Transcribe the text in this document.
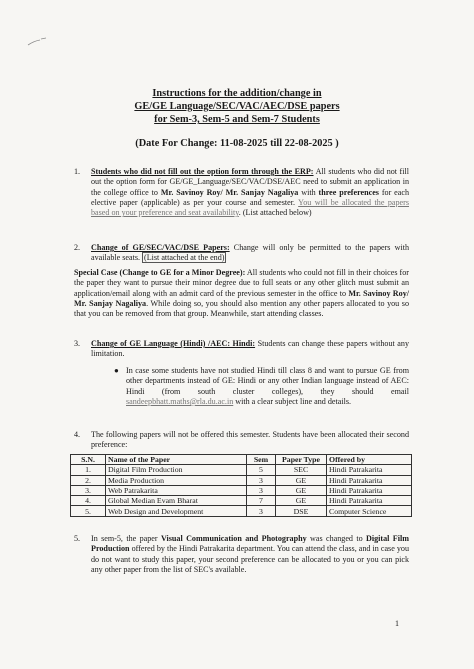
Instructions for the addition/change in
GE/GE Language/SEC/VAC/AEC/DSE papers
for Sem-3, Sem-5 and Sem-7 Students
(Date For Change: 11-08-2025 till 22-08-2025 )
1. Students who did not fill out the option form through the ERP: All students who did not fill out the option form for GE/GE_Language/SEC/VAC/DSE/AEC need to submit an application in the college office to Mr. Savinoy Roy/ Mr. Sanjay Nagaliya with three preferences for each elective paper (applicable) as per your course and semester. You will be allocated the papers based on your preference and seat availability. (List attached below)
2. Change of GE/SEC/VAC/DSE Papers: Change will only be permitted to the papers with available seats. (List attached at the end)
Special Case (Change to GE for a Minor Degree): All students who could not fill in their choices for the paper they want to pursue their minor degree due to full seats or any other glitch must submit an application/email along with an admit card of the previous semester in the office to Mr. Savinoy Roy/ Mr. Sanjay Nagaliya. While doing so, you should also mention any other papers allocated to you so that you can be removed from that group. Meanwhile, start attending classes.
3. Change of GE Language (Hindi) /AEC: Hindi: Students can change these papers without any limitation.
● In case some students have not studied Hindi till class 8 and want to pursue GE from other departments instead of GE: Hindi or any other Indian language instead of AEC: Hindi (from south cluster colleges), they should email sandeepbhatt.maths@rla.du.ac.in with a clear subject line and details.
4. The following papers will not be offered this semester. Students have been allocated their second preference:
S.N.	Name of the Paper	Sem	Paper Type	Offered by
1.	Digital Film Production	5	SEC	Hindi Patrakarita
2.	Media Production	3	GE	Hindi Patrakarita
3.	Web Patrakarita	3	GE	Hindi Patrakarita
4.	Global Median Evam Bharat	7	GE	Hindi Patrakarita
5.	Web Design and Development	3	DSE	Computer Science
5. In sem-5, the paper Visual Communication and Photography was changed to Digital Film Production offered by the Hindi Patrakarita department. You can attend the class, and in case you do not want to study this paper, your second preference can be allocated to you or you can pick any other paper from the list of SEC's available.
1
